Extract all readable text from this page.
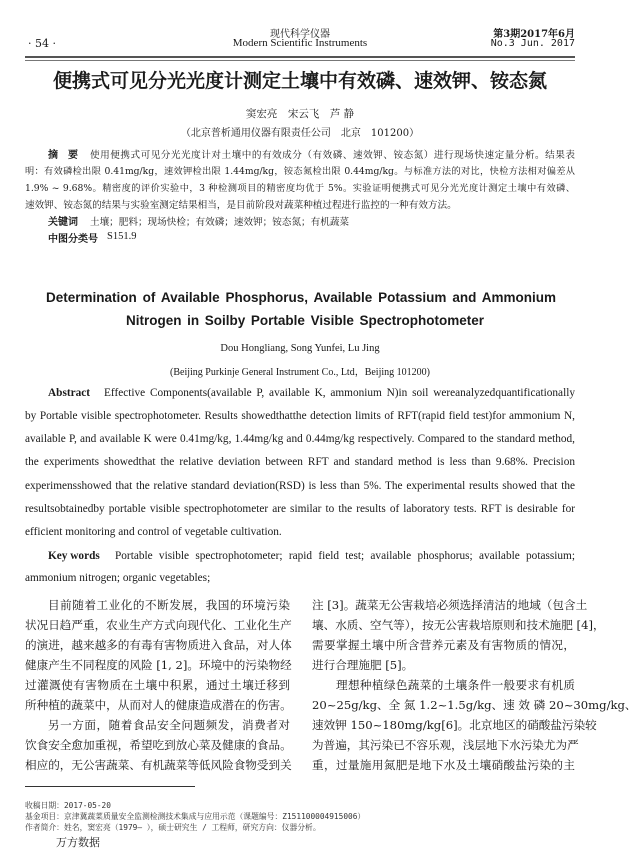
· 54 ·
现代科学仪器
Modern Scientific Instruments
第3期2017年6月
No.3 Jun. 2017
便携式可见分光光度计测定土壤中有效磷、速效钾、铵态氮
窦宏亮　宋云飞　芦 静
（北京普析通用仪器有限责任公司　北京　101200）
摘　要 使用便携式可见分光光度计对土壤中的有效成分（有效磷、速效钾、铵态氮）进行现场快速定量分析。结果表
明：有效磷检出限 0.41mg/kg，速效钾检出限 1.44mg/kg，铵态氮检出限 0.44mg/kg。与标准方法的对比，快检方法相对偏差从
1.9% ~ 9.68%。精密度的评价实验中，3 种检测项目的精密度均优于 5%。实验证明便携式可见分光光度计测定土壤中有效磷、
速效钾、铵态氮的结果与实验室测定结果相当，是目前阶段对蔬菜种植过程进行监控的一种有效方法。
关键词 土壤；肥料；现场快检；有效磷；速效钾；铵态氮；有机蔬菜
中图分类号 S151.9
Determination of Available Phosphorus, Available Potassium and Ammonium
Nitrogen in Soilby Portable Visible Spectrophotometer
Dou Hongliang, Song Yunfei, Lu Jing
(Beijing Purkinje General Instrument Co., Ltd，Beijing 101200)
Abstract Effective Components(available P, available K, ammonium N)in soil wereanalyzedquantificationally
by Portable visible spectrophotometer. Results showedthatthe detection limits of RFT(rapid field test)for ammonium N,
available P, and available K were 0.41mg/kg, 1.44mg/kg and 0.44mg/kg respectively. Compared to the standard method,
the experiments showedthat the relative deviation between RFT and standard method is less than 9.68%. Precision
experimensshowed that the relative standard deviation(RSD) is less than 5%. The experimental results showed that the
resultsobtainedby portable visible spectrophotometer are similar to the results of laboratory tests. RFT is desirable for
efficient monitoring and control of vegetable cultivation.
Key words Portable visible spectrophotometer; rapid field test; available phosphorus; available potassium;
ammonium nitrogen; organic vegetables;
目前随着工业化的不断发展，我国的环境污染
状况日趋严重，农业生产方式向现代化、工业化生产
的演进，越来越多的有毒有害物质进入食品，对人体
健康产生不同程度的风险 [1, 2]。环境中的污染物经
过灌溉使有害物质在土壤中积累，通过土壤迁移到
所种植的蔬菜中，从而对人的健康造成潜在的伤害。
另一方面，随着食品安全问题频发，消费者对
饮食安全愈加重视，希望吃到放心菜及健康的食品。
相应的，无公害蔬菜、有机蔬菜等低风险食物受到关
注 [3]。蔬菜无公害栽培必须选择清洁的地域（包含土
壤、水质、空气等），按无公害栽培原则和技术施肥 [4]，
需要掌握土壤中所含营养元素及有害物质的情况，
进行合理施肥 [5]。
理想种植绿色蔬菜的土壤条件一般要求有机质
20~25g/kg、全 氮 1.2~1.5g/kg、速 效 磷 20~30mg/kg、
速效钾 150~180mg/kg[6]。北京地区的硝酸盐污染较
为普遍，其污染已不容乐观，浅层地下水污染尤为严
重，过量施用氮肥是地下水及土壤硝酸盐污染的主
收稿日期：2017-05-20
基金项目：京津冀蔬菜质量安全监测检测技术集成与应用示范（课题编号：Z151100004915006）
作者简介：姓名，窦宏亮（1979— ），硕士研究生 / 工程师，研究方向：仪器分析。
万方数据
